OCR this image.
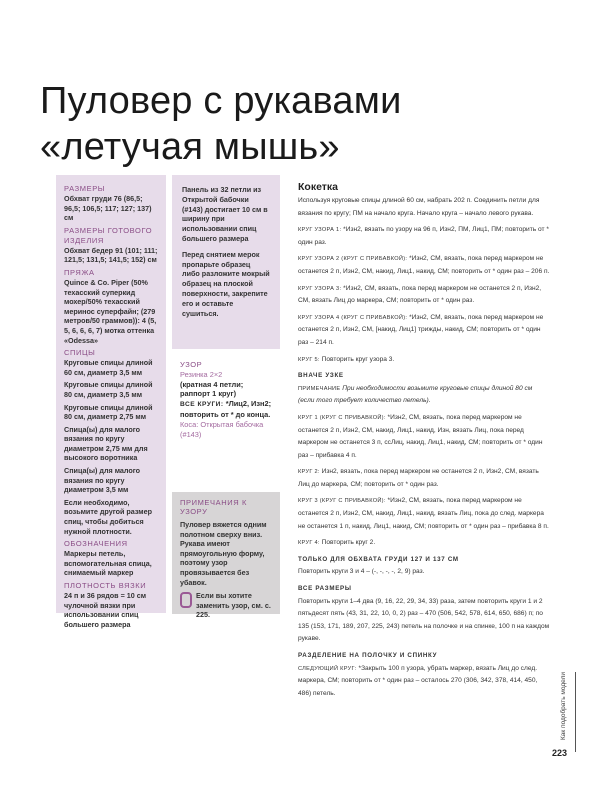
Пуловер с рукавами
«летучая мышь»
РАЗМЕРЫ

Обхват груди 76 (86,5; 96,5; 106,5; 117; 127; 137) см

РАЗМЕРЫ ГОТОВОГО ИЗДЕЛИЯ

Обхват бедер 91 (101; 111; 121,5; 131,5; 141,5; 152) см

ПРЯЖА

Quince & Co. Piper (50% техасский суперкид мохер/50% техасский меринос суперфайн; (279 метров/50 граммов)): 4 (5, 5, 6, 6, 6, 7) мотка оттенка «Odessa»

СПИЦЫ

Круговые спицы длиной 60 см, диаметр 3,5 мм

Круговые спицы длиной 80 см, диаметр 3,5 мм

Круговые спицы длиной 80 см, диаметр 2,75 мм

Спица(ы) для малого вязания по кругу диаметром 2,75 мм для высокого воротника

Спица(ы) для малого вязания по кругу диаметром 3,5 мм

Если необходимо, возьмите другой размер спиц, чтобы добиться нужной плотности.

ОБОЗНАЧЕНИЯ

Маркеры петель, вспомогательная спица, снимаемый маркер

ПЛОТНОСТЬ ВЯЗКИ

24 п и 36 рядов = 10 см чулочной вязки при использовании спиц большего размера

Панель из 32 петли из Открытой бабочки (#143) достигает 10 см в ширину при использовании спиц большего размера

Перед снятием мерок пропарьте образец либо разложите мокрый образец на плоской поверхности, закрепите его и оставьте сушиться.

УЗОР
Резинка 2×2
(кратная 4 петли; раппорт 1 круг)
ВСЕ КРУГИ: *Лиц2, Изн2; повторить от * до конца.
Коса: Открытая бабочка (#143)
ПРИМЕЧАНИЯ К УЗОРУ

Пуловер вяжется одним полотном сверху вниз. Рукава имеют прямоугольную форму, поэтому узор провязывается без убавок.

Если вы хотите заменить узор, см. с. 225.

Кокетка

Используя круговые спицы длиной 60 см, набрать 202 п. Соединить петли для вязания по кругу; ПМ на начало круга. Начало круга – начало левого рукава.

КРУГ УЗОРА 1: *Изн2, вязать по узору на 96 п, Изн2, ПМ, Лиц1, ПМ; повторить от * один раз.

КРУГ УЗОРА 2 (КРУГ С ПРИБАВКОЙ): *Изн2, СМ, вязать, пока перед маркером не останется 2 п, Изн2, СМ, накид, Лиц1, накид, СМ; повторить от * один раз – 206 п.

КРУГ УЗОРА 3: *Изн2, СМ, вязать, пока перед маркером не останется 2 п, Изн2, СМ, вязать Лиц до маркера, СМ; повторить от * один раз.

КРУГ УЗОРА 4 (КРУГ С ПРИБАВКОЙ): *Изн2, СМ, вязать, пока перед маркером не останется 2 п, Изн2, СМ, [накид, Лиц1] трижды, накид, СМ; повторить от * один раз – 214 п.

КРУГ 5: Повторить круг узора 3.

ВНАЧЕ УЗКЕ

ПРИМЕЧАНИЕ При необходимости возьмите круговые спицы длиной 80 см (если того требует количество петель).

КРУГ 1 (КРУГ С ПРИБАВКОЙ): *Изн2, СМ, вязать, пока перед маркером не останется 2 п, Изн2, СМ, накид, Лиц1, накид, Изн, вязать Лиц, пока перед маркером не останется 3 п, ссЛиц, накид, Лиц1, накид, СМ; повторить от * один раз – прибавка 4 п.

КРУГ 2: Изн2, вязать, пока перед маркером не останется 2 п, Изн2, СМ, вязать Лиц до маркера, СМ; повторить от * один раз.

КРУГ 3 (КРУГ С ПРИБАВКОЙ): *Изн2, СМ, вязать, пока перед маркером не останется 2 п, Изн2, СМ, накид, Лиц1, накид, вязать Лиц, пока до след. маркера не останется 1 п, накид, Лиц1, накид, СМ; повторить от * один раз – прибавка 8 п.

КРУГ 4: Повторить круг 2.

ТОЛЬКО ДЛЯ ОБХВАТА ГРУДИ 127 И 137 СМ

Повторить круги 3 и 4 – (-, -, -, -, 2, 9) раз.

ВСЕ РАЗМЕРЫ

Повторить круги 1–4 два (9, 16, 22, 29, 34, 33) раза, затем повторить круги 1 и 2 пятьдесят пять (43, 31, 22, 10, 0, 2) раз – 470 (506, 542, 578, 614, 650, 686) п; по 135 (153, 171, 189, 207, 225, 243) петель на полочке и на спинке, 100 п на каждом рукаве.

РАЗДЕЛЕНИЕ НА ПОЛОЧКУ И СПИНКУ

СЛЕДУЮЩИЙ КРУГ: *Закрыть 100 п узора, убрать маркер, вязать Лиц до след. маркера, СМ; повторить от * один раз – осталось 270 (306, 342, 378, 414, 450, 486) петель.	Как подобрать модели
223
